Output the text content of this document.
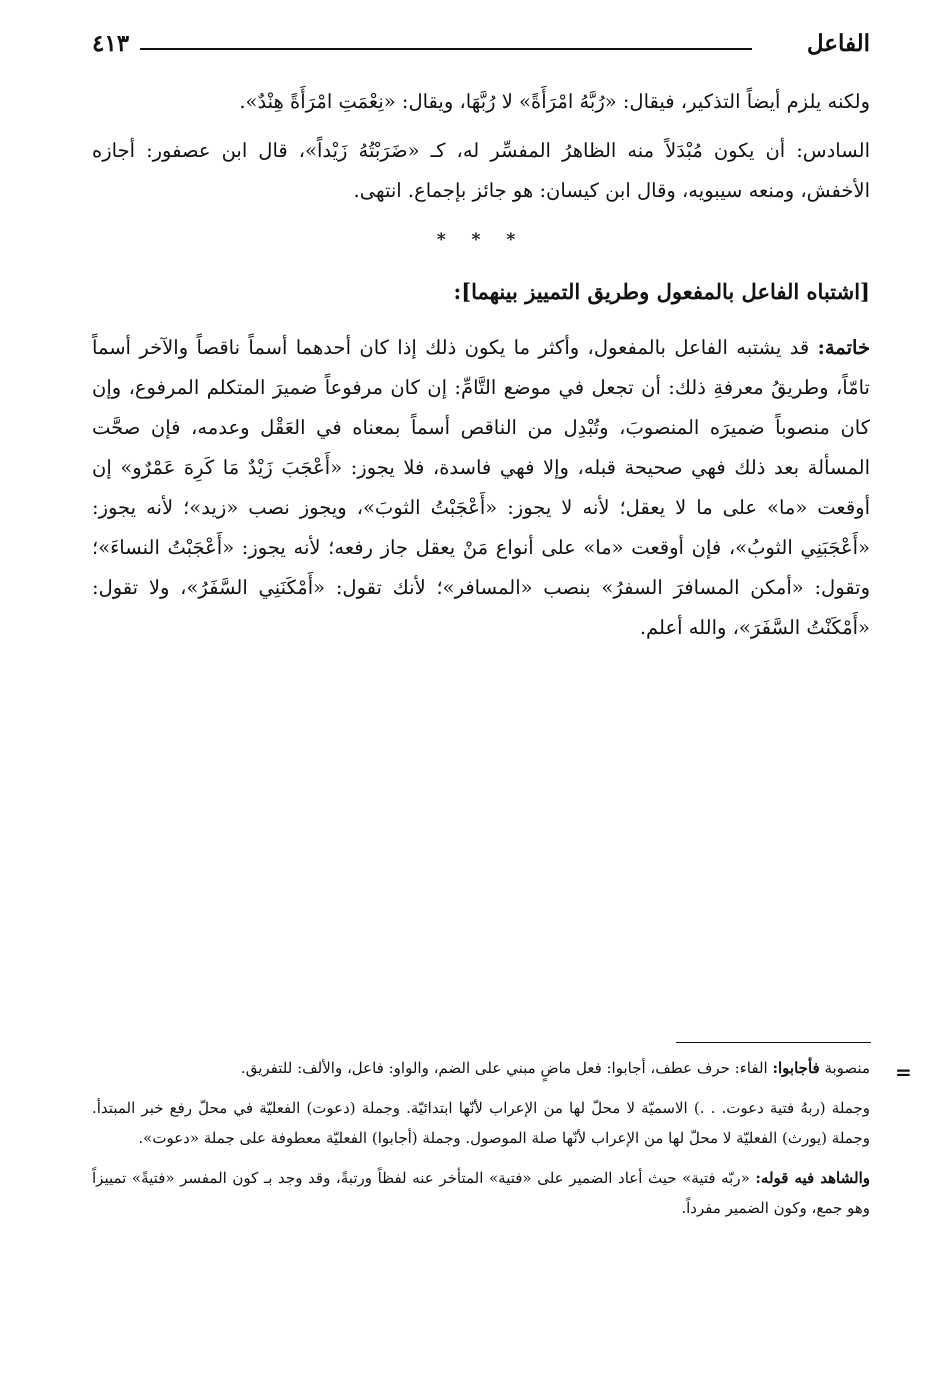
الفاعل
٤١٣

ولكنه يلزم أيضاً التذكير، فيقال: «رُبَّهُ امْرَأَةً» لا رُبَّهَا، ويقال: «نِعْمَتِ امْرَأَةً هِنْدٌ».

السادس: أن يكون مُبْدَلاً منه الظاهرُ المفسِّر له، كـ «ضَرَبْتُهُ زَيْداً»، قال ابن عصفور: أجازه الأخفش، ومنعه سيبويه، وقال ابن كيسان: هو جائز بإجماع. انتهى.

* * *
[اشتباه الفاعل بالمفعول وطريق التمييز بينهما]:

خاتمة: قد يشتبه الفاعل بالمفعول، وأكثر ما يكون ذلك إذا كان أحدهما أسماً ناقصاً والآخر أسماً تامّاً، وطريقُ معرفةِ ذلك: أن تجعل في موضع التَّامِّ: إن كان مرفوعاً ضميرَ المتكلم المرفوع، وإن كان منصوباً ضميرَه المنصوبَ، وتُبْدِل من الناقص أسماً بمعناه في العَقْل وعدمه، فإن صحَّت المسألة بعد ذلك فهي صحيحة قبله، وإلا فهي فاسدة، فلا يجوز: «أَعْجَبَ زَيْدٌ مَا كَرِهَ عَمْرٌو» إن أوقعت «ما» على ما لا يعقل؛ لأنه لا يجوز: «أَعْجَبْتُ الثوبَ»، ويجوز نصب «زيد»؛ لأنه يجوز: «أَعْجَبَنِي الثوبُ»، فإن أوقعت «ما» على أنواع مَنْ يعقل جاز رفعه؛ لأنه يجوز: «أَعْجَبْتُ النساءَ»؛ وتقول: «أمكن المسافرَ السفرُ» بنصب «المسافر»؛ لأنك تقول: «أَمْكَنَنِي السَّفَرُ»، ولا تقول: «أَمْكَنْتُ السَّفَرَ»، والله أعلم.

=

منصوبة فأجابوا: الفاء: حرف عطف، أجابوا: فعل ماضٍ مبني على الضم، والواو: فاعل، والألف: للتفريق.

وجملة (ربهُ فتية دعوت. . .) الاسميّة لا محلّ لها من الإعراب لأنّها ابتدائيّة. وجملة (دعوت) الفعليّة في محلّ رفع خبر المبتدأ. وجملة (يورث) الفعليّة لا محلّ لها من الإعراب لأنّها صلة الموصول. وجملة (أجابوا) الفعليّة معطوفة على جملة «دعوت».

والشاهد فيه قوله: «ربّه فتية» حيث أعاد الضمير على «فتية» المتأخر عنه لفظاً ورتبةً، وقد وجد بـ كون المفسر «فتيةً» تمييزاً وهو جمع، وكون الضمير مفرداً.
